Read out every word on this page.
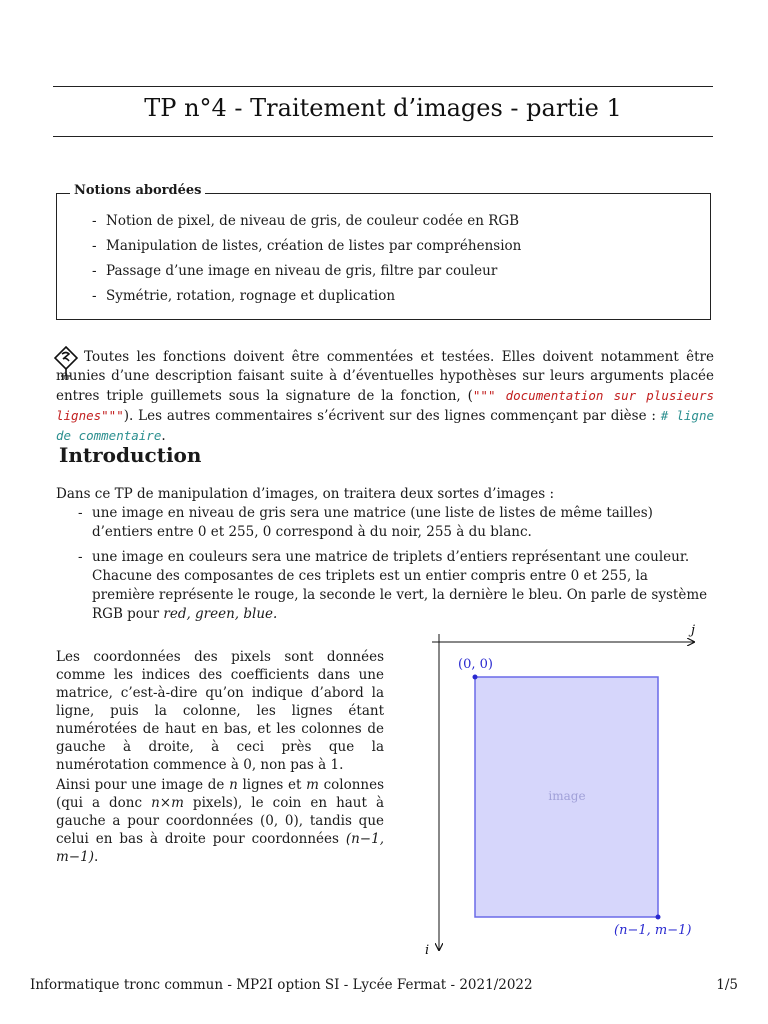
TP n°4 - Traitement d’images - partie 1
Notions abordées
- Notion de pixel, de niveau de gris, de couleur codée en RGB
- Manipulation de listes, création de listes par compréhension
- Passage d’une image en niveau de gris, filtre par couleur
- Symétrie, rotation, rognage et duplication
Toutes les fonctions doivent être commentées et testées. Elles doivent notamment être munies d’une description faisant suite à d’éventuelles hypothèses sur leurs arguments placée entres triple guillemets sous la signature de la fonction, (""" documentation sur plusieurs lignes"""). Les autres commentaires s’écrivent sur des lignes commençant par dièse : # ligne de commentaire.
Introduction
Dans ce TP de manipulation d’images, on traitera deux sortes d’images :
- une image en niveau de gris sera une matrice (une liste de listes de même tailles) d’entiers entre 0 et 255, 0 correspond à du noir, 255 à du blanc.
- une image en couleurs sera une matrice de triplets d’entiers représentant une couleur. Chacune des composantes de ces triplets est un entier compris entre 0 et 255, la première représente le rouge, la seconde le vert, la dernière le bleu. On parle de système RGB pour red, green, blue.

Les coordonnées des pixels sont données comme les indices des coefficients dans une matrice, c’est-à-dire qu’on indique d’abord la ligne, puis la colonne, les lignes étant numérotées de haut en bas, et les colonnes de gauche à droite, à ceci près que la numérotation commence à 0, non pas à 1.

Ainsi pour une image de n lignes et m colonnes (qui a donc n×m pixels), le coin en haut à gauche a pour coordonnées (0, 0), tandis que celui en bas à droite pour coordonnées (n−1, m−1).

j
i
image
(0, 0)
(n−1, m−1)
Informatique tronc commun - MP2I option SI - Lycée Fermat - 2021/2022	1/5
